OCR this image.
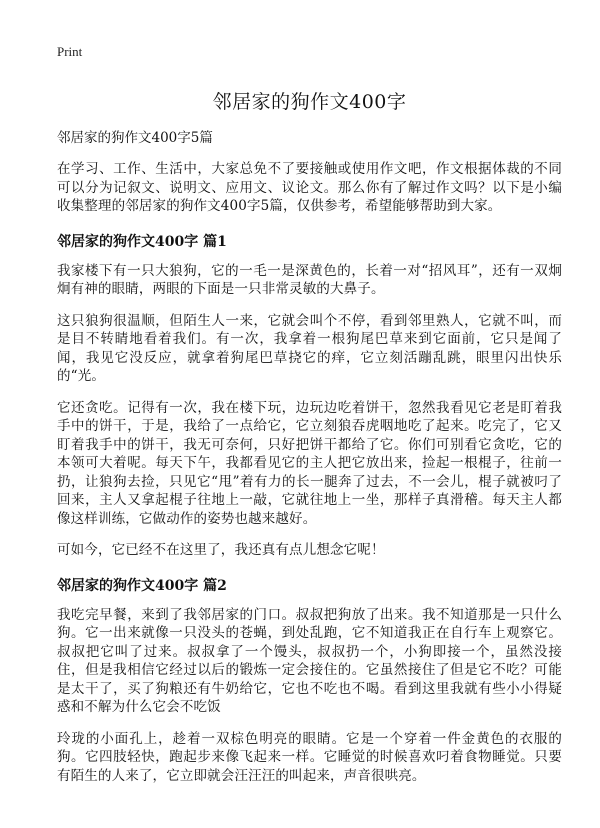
Print
邻居家的狗作文400字
邻居家的狗作文400字5篇

在学习、工作、生活中，大家总免不了要接触或使用作文吧，作文根据体裁的不同可以分为记叙文、说明文、应用文、议论文。那么你有了解过作文吗？以下是小编收集整理的邻居家的狗作文400字5篇，仅供参考，希望能够帮助到大家。

邻居家的狗作文400字 篇1

我家楼下有一只大狼狗，它的一毛一是深黄色的，长着一对“招风耳”，还有一双炯炯有神的眼睛，两眼的下面是一只非常灵敏的大鼻子。

这只狼狗很温顺，但陌生人一来，它就会叫个不停，看到邻里熟人，它就不叫，而是目不转睛地看着我们。有一次，我拿着一根狗尾巴草来到它面前，它只是闻了闻，我见它没反应，就拿着狗尾巴草挠它的痒，它立刻活蹦乱跳，眼里闪出快乐的“光。

它还贪吃。记得有一次，我在楼下玩，边玩边吃着饼干，忽然我看见它老是盯着我手中的饼干，于是，我给了一点给它，它立刻狼吞虎咽地吃了起来。吃完了，它又盯着我手中的饼干，我无可奈何，只好把饼干都给了它。你们可别看它贪吃，它的本领可大着呢。每天下午，我都看见它的主人把它放出来，捡起一根棍子，往前一扔，让狼狗去捡，只见它“甩”着有力的长一腿奔了过去，不一会儿，棍子就被叼了回来，主人又拿起棍子往地上一敲，它就往地上一坐，那样子真滑稽。每天主人都像这样训练，它做动作的姿势也越来越好。

可如今，它已经不在这里了，我还真有点儿想念它呢！

邻居家的狗作文400字 篇2

我吃完早餐，来到了我邻居家的门口。叔叔把狗放了出来。我不知道那是一只什么狗。它一出来就像一只没头的苍蝇，到处乱跑，它不知道我正在自行车上观察它。叔叔把它叫了过来。叔叔拿了一个馒头，叔叔扔一个，小狗即接一个，虽然没接住，但是我相信它经过以后的锻炼一定会接住的。它虽然接住了但是它不吃？可能是太干了，买了狗粮还有牛奶给它，它也不吃也不喝。看到这里我就有些小小得疑惑和不解为什么它会不吃饭

玲珑的小面孔上，趁着一双棕色明亮的眼睛。它是一个穿着一件金黄色的衣服的狗。它四肢轻快，跑起步来像飞起来一样。它睡觉的时候喜欢叼着食物睡觉。只要有陌生的人来了，它立即就会汪汪汪的叫起来，声音很哄亮。
